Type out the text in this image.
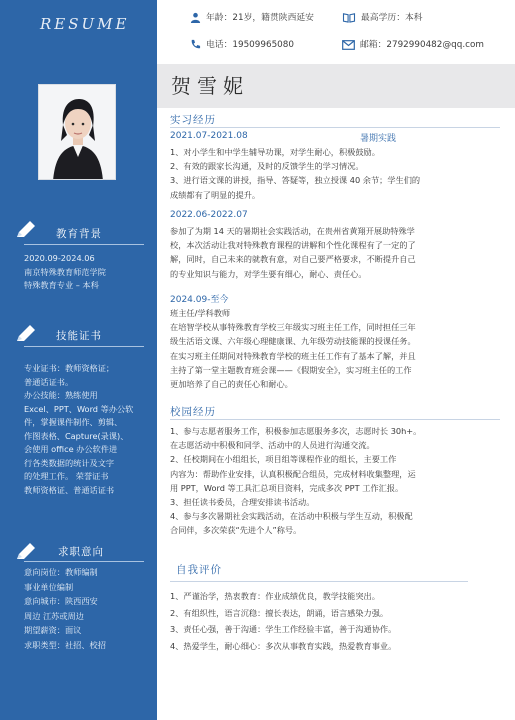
RESUME
教育背景
2020.09-2024.06
南京特殊教育师范学院
特殊教育专业 – 本科
技能证书
专业证书：教师资格证；
普通话证书。
办公技能：熟练使用
Excel、PPT、Word 等办公软
件，掌握课件制作、剪辑、
作图表格、Capture(录课)、
会使用 office 办公软件进
行各类数据的统计及文字
的处理工作。 荣誉证书
教师资格证、普通话证书
求职意向
意向岗位：教师编制
事业单位编制
意向城市：陕西西安
周边 江苏或周边
期望薪资：面议
求职类型：社招、校招
年龄：21岁，籍贯陕西延安	最高学历：本科
电话：19509965080	邮箱：2792990482@qq.com
贺雪妮
实习经历
2021.07-2021.08	暑期实践
1、对小学生和中学生辅导功课，对学生耐心，积极鼓励。
2、有效的跟家长沟通，及时的反馈学生的学习情况。
3、进行语文课的讲授，指导、答疑等，独立授课 40 余节；学生们的
成绩都有了明显的提升。
2022.06-2022.07
参加了为期 14 天的暑期社会实践活动，在贵州省黄翔开展助特殊学
校，本次活动让我对特殊教育课程的讲解和个性化课程有了一定的了
解，同时，自己未来的就教有意，对自己要严格要求，不断提升自己
的专业知识与能力，对学生要有细心，耐心、责任心。
2024.09-至今
班主任/学科教师
在培智学校从事特殊教育学校三年级实习班主任工作，同时担任三年
级生活语文课、六年级心理健康课、九年级劳动技能课的授课任务。
在实习班主任期间对特殊教育学校的班主任工作有了基本了解，并且
主持了第一堂主题教育班会课——《假期安全》，实习班主任的工作
更加培养了自己的责任心和耐心。
校园经历
1、参与志愿者服务工作，积极参加志愿服务多次，志愿时长 30h+。
在志愿活动中积极和同学、活动中的人员进行沟通交流。
2、任校期间在小组组长，项目组等课程作业的组长，主要工作
内容为：帮助作业安排，认真积极配合组员，完成材料收集整理，运
用 PPT，Word 等工具汇总项目资料，完成多次 PPT 工作汇报。
3、担任读书委员，合理安排读书活动。
4、参与多次暑期社会实践活动，在活动中积极与学生互动，积极配
合同伴，多次荣获“先进个人”称号。
自我评价
1、严谨治学，热衷教育：作业成绩优良，教学技能突出。
2、有组织性，语言沉稳：擅长表达，朗诵，语言感染力强。
3、责任心强，善于沟通：学生工作经验丰富，善于沟通协作。
4、热爱学生，耐心细心：多次从事教育实践，热爱教育事业。
